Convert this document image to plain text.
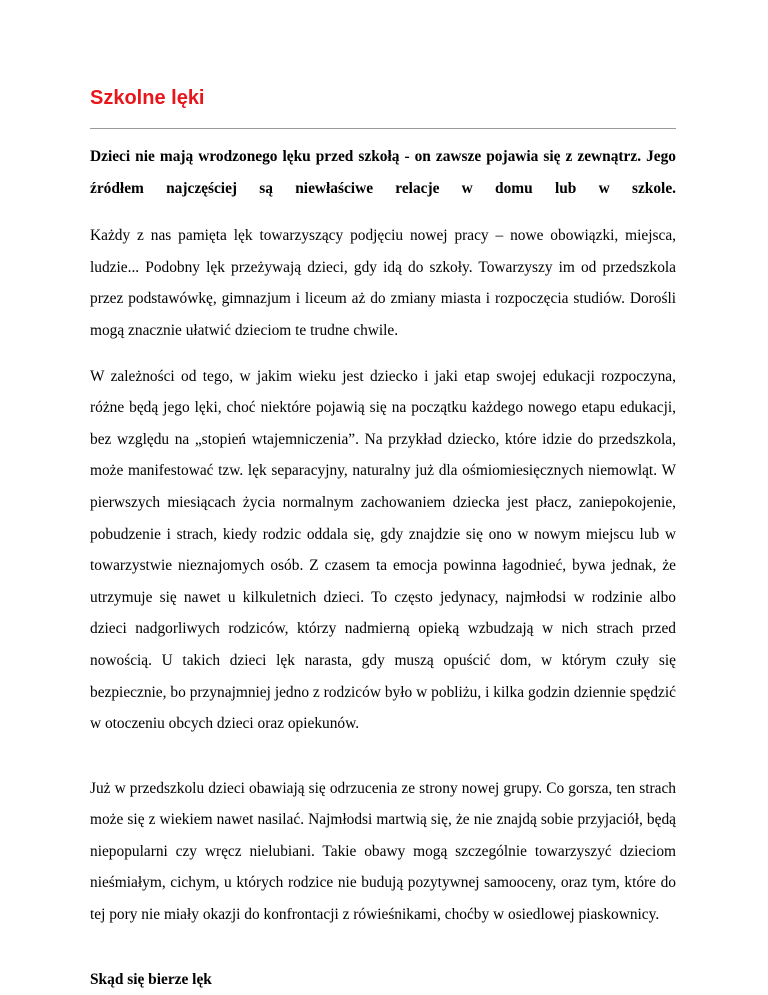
Szkolne lęki

Dzieci nie mają wrodzonego lęku przed szkołą - on zawsze pojawia się z zewnątrz. Jego źródłem najczęściej są niewłaściwe relacje w domu lub w szkole.

Każdy z nas pamięta lęk towarzyszący podjęciu nowej pracy – nowe obowiązki, miejsca, ludzie... Podobny lęk przeżywają dzieci, gdy idą do szkoły. Towarzyszy im od przedszkola przez podstawówkę, gimnazjum i liceum aż do zmiany miasta i rozpoczęcia studiów. Dorośli mogą znacznie ułatwić dzieciom te trudne chwile.

W zależności od tego, w jakim wieku jest dziecko i jaki etap swojej edukacji rozpoczyna, różne będą jego lęki, choć niektóre pojawią się na początku każdego nowego etapu edukacji, bez względu na „stopień wtajemniczenia”. Na przykład dziecko, które idzie do przedszkola, może manifestować tzw. lęk separacyjny, naturalny już dla ośmiomiesięcznych niemowląt. W pierwszych miesiącach życia normalnym zachowaniem dziecka jest płacz, zaniepokojenie, pobudzenie i strach, kiedy rodzic oddala się, gdy znajdzie się ono w nowym miejscu lub w towarzystwie nieznajomych osób. Z czasem ta emocja powinna łagodnieć, bywa jednak, że utrzymuje się nawet u kilkuletnich dzieci. To często jedynacy, najmłodsi w rodzinie albo dzieci nadgorliwych rodziców, którzy nadmierną opieką wzbudzają w nich strach przed nowością. U takich dzieci lęk narasta, gdy muszą opuścić dom, w którym czuły się bezpiecznie, bo przynajmniej jedno z rodziców było w pobliżu, i kilka godzin dziennie spędzić w otoczeniu obcych dzieci oraz opiekunów.

Już w przedszkolu dzieci obawiają się odrzucenia ze strony nowej grupy. Co gorsza, ten strach może się z wiekiem nawet nasilać. Najmłodsi martwią się, że nie znajdą sobie przyjaciół, będą niepopularni czy wręcz nielubiani. Takie obawy mogą szczególnie towarzyszyć dzieciom nieśmiałym, cichym, u których rodzice nie budują pozytywnej samooceny, oraz tym, które do tej pory nie miały okazji do konfrontacji z rówieśnikami, choćby w osiedlowej piaskownicy.

Skąd się bierze lęk
